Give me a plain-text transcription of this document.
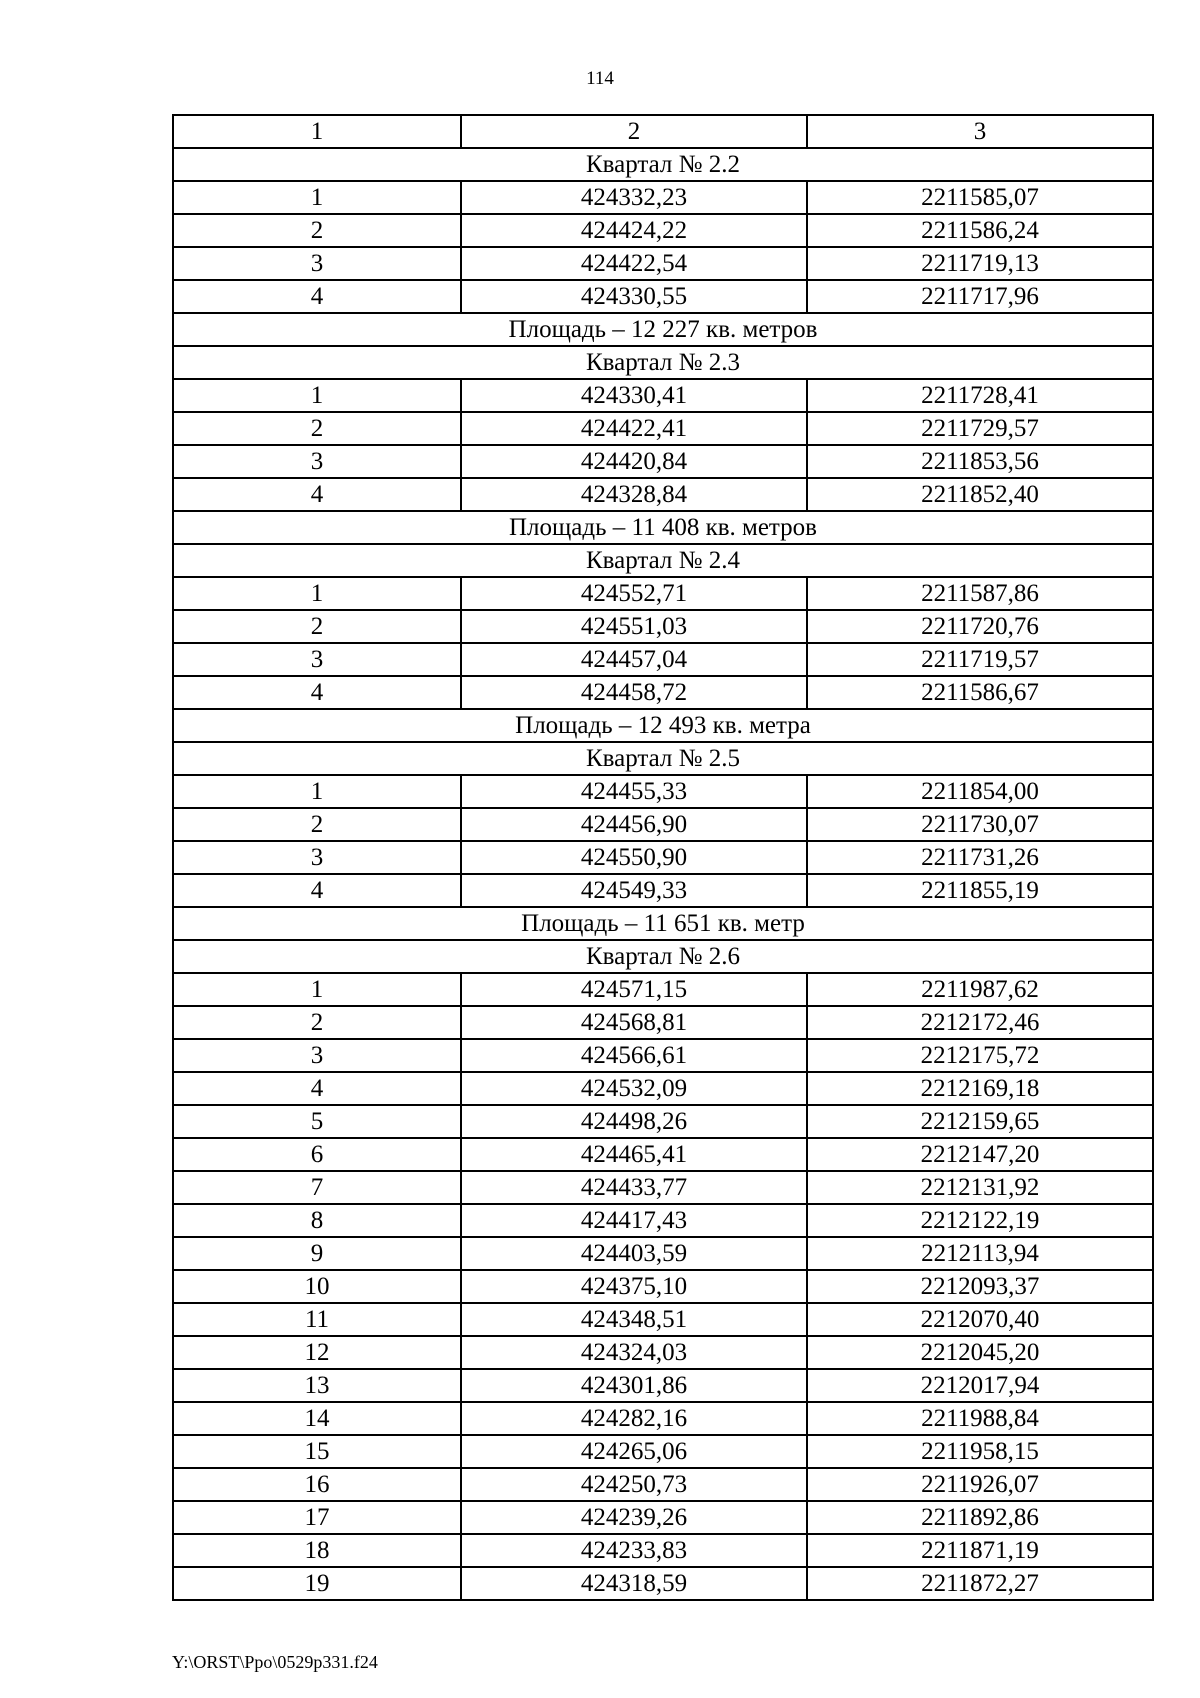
114
1	2	3
Квартал № 2.2		
1	424332,23	2211585,07
2	424424,22	2211586,24
3	424422,54	2211719,13
4	424330,55	2211717,96
Площадь – 12 227 кв. метров		
Квартал № 2.3		
1	424330,41	2211728,41
2	424422,41	2211729,57
3	424420,84	2211853,56
4	424328,84	2211852,40
Площадь – 11 408 кв. метров		
Квартал № 2.4		
1	424552,71	2211587,86
2	424551,03	2211720,76
3	424457,04	2211719,57
4	424458,72	2211586,67
Площадь – 12 493 кв. метра		
Квартал № 2.5		
1	424455,33	2211854,00
2	424456,90	2211730,07
3	424550,90	2211731,26
4	424549,33	2211855,19
Площадь – 11 651 кв. метр		
Квартал № 2.6		
1	424571,15	2211987,62
2	424568,81	2212172,46
3	424566,61	2212175,72
4	424532,09	2212169,18
5	424498,26	2212159,65
6	424465,41	2212147,20
7	424433,77	2212131,92
8	424417,43	2212122,19
9	424403,59	2212113,94
10	424375,10	2212093,37
11	424348,51	2212070,40
12	424324,03	2212045,20
13	424301,86	2212017,94
14	424282,16	2211988,84
15	424265,06	2211958,15
16	424250,73	2211926,07
17	424239,26	2211892,86
18	424233,83	2211871,19
19	424318,59	2211872,27
Y:\ORST\Ppo\0529p331.f24
